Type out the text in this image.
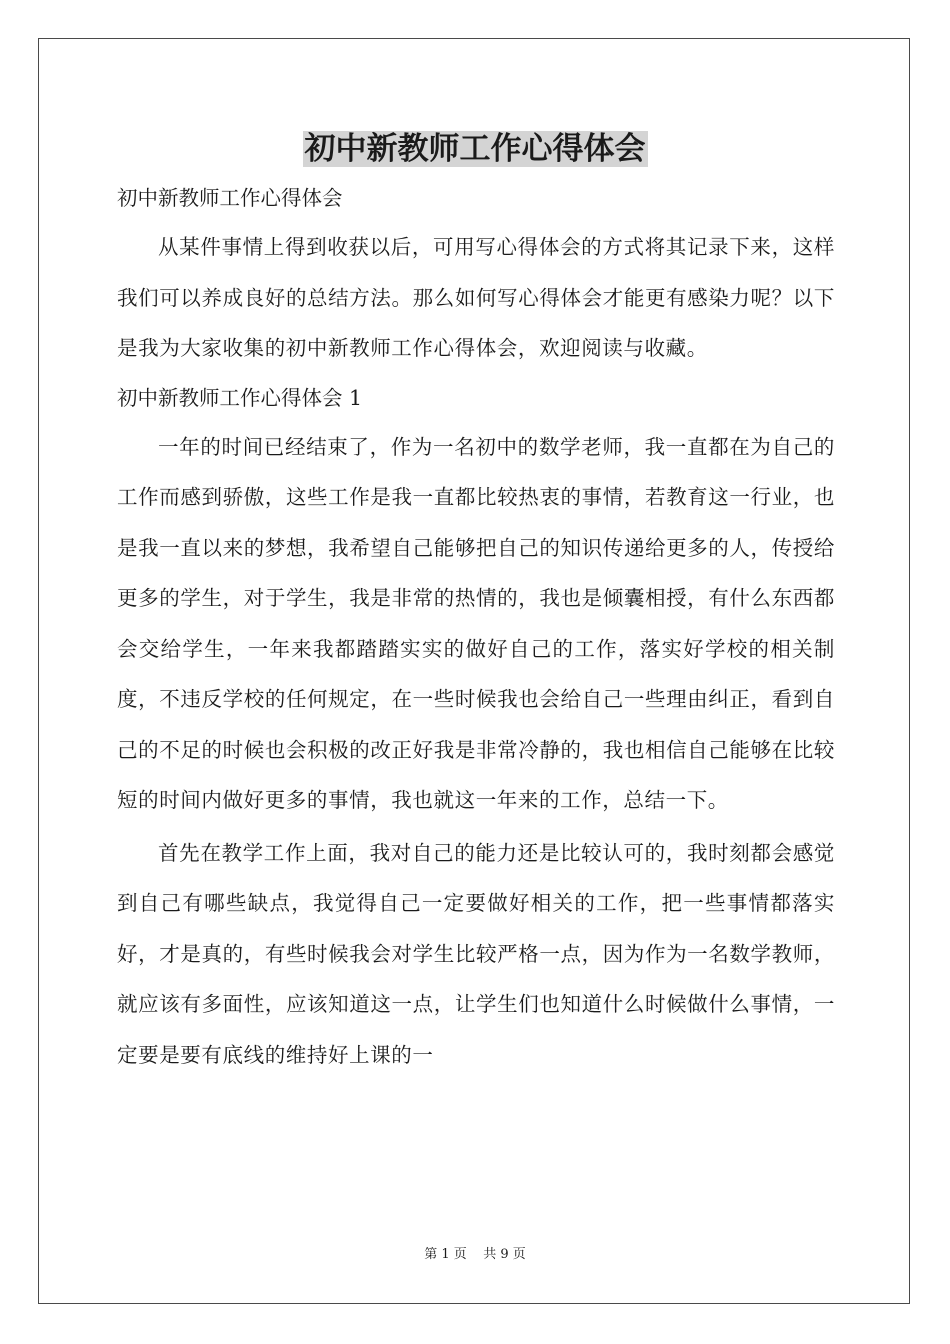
初中新教师工作心得体会

初中新教师工作心得体会

从某件事情上得到收获以后，可用写心得体会的方式将其记录下来，这样我们可以养成良好的总结方法。那么如何写心得体会才能更有感染力呢？以下是我为大家收集的初中新教师工作心得体会，欢迎阅读与收藏。

初中新教师工作心得体会 1

一年的时间已经结束了，作为一名初中的数学老师，我一直都在为自己的工作而感到骄傲，这些工作是我一直都比较热衷的事情，若教育这一行业，也是我一直以来的梦想，我希望自己能够把自己的知识传递给更多的人，传授给更多的学生，对于学生，我是非常的热情的，我也是倾囊相授，有什么东西都会交给学生，一年来我都踏踏实实的做好自己的工作，落实好学校的相关制度，不违反学校的任何规定，在一些时候我也会给自己一些理由纠正，看到自己的不足的时候也会积极的改正好我是非常冷静的，我也相信自己能够在比较短的时间内做好更多的事情，我也就这一年来的工作，总结一下。

首先在教学工作上面，我对自己的能力还是比较认可的，我时刻都会感觉到自己有哪些缺点，我觉得自己一定要做好相关的工作，把一些事情都落实好，才是真的，有些时候我会对学生比较严格一点，因为作为一名数学教师，就应该有多面性，应该知道这一点，让学生们也知道什么时候做什么事情，一定要是要有底线的维持好上课的一

第 1 页    共 9 页
